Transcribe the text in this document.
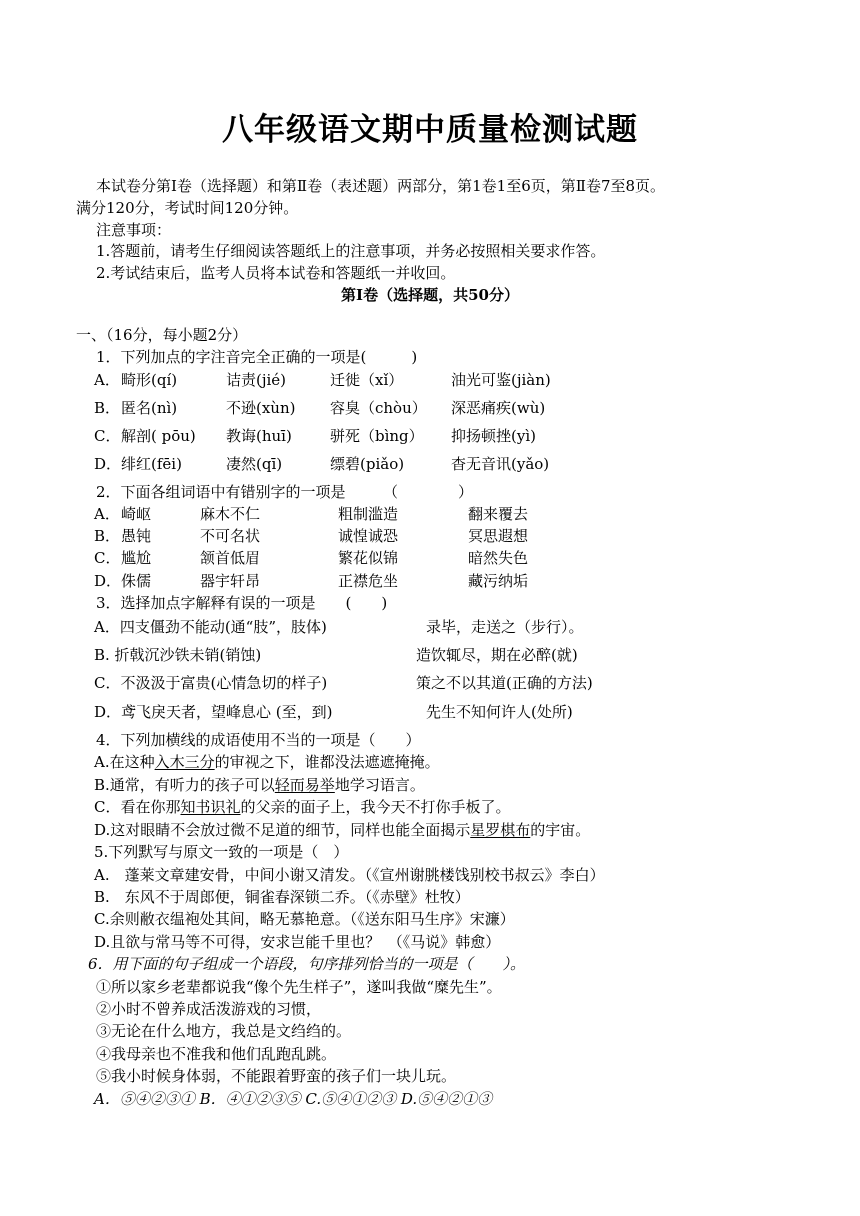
八年级语文期中质量检测试题
本试卷分第Ⅰ卷（选择题）和第Ⅱ卷（表述题）两部分，第1卷1至6页，第Ⅱ卷7至8页。
满分120分，考试时间120分钟。
注意事项：
1.答题前，请考生仔细阅读答题纸上的注意事项，并务必按照相关要求作答。
2.考试结束后，监考人员将本试卷和答题纸一并收回。
第Ⅰ卷（选择题，共50分）
一、（16分，每小题2分）
1．下列加点的字注音完全正确的一项是(　　　)
A． 畸形(qí)	诘责(jié)	迁徙（xǐ）	油光可鉴(jiàn)
B． 匿名(nì)	不逊(xùn) 容臭（chòu） 深恶痛疾(wù)
C． 解剖( pōu) 教诲(huī)	骈死（bìng） 抑扬顿挫(yì)
D． 绯红(fēi)	凄然(qī)	缥碧(piǎo)	杳无音讯(yǎo)
2．下面各组词语中有错别字的一项是　　　（　　　　）
A． 崎岖	麻木不仁	粗制滥造	翻来覆去
B． 愚钝	不可名状	诚惶诚恐	冥思遐想
C． 尴尬	颔首低眉	繁花似锦	暗然失色
D． 侏儒	器宇轩昂	正襟危坐	藏污纳垢
3．选择加点字解释有误的一项是　　(　　)
A．四支僵劲不能动(通“肢”，肢体)	录毕，走送之（步行）。
B. 折戟沉沙铁未销(销蚀)	造饮辄尽，期在必醉(就)
C．不汲汲于富贵(心情急切的样子)	策之不以其道(正确的方法)
D．鸢飞戾天者，望峰息心 (至，到)	先生不知何许人(处所)
4．下列加横线的成语使用不当的一项是（　　）
A.在这种入木三分的审视之下，谁都没法遮遮掩掩。
B.通常，有听力的孩子可以轻而易举地学习语言。
C．看在你那知书识礼的父亲的面子上，我今天不打你手板了。
D.这对眼睛不会放过微不足道的细节，同样也能全面揭示星罗棋布的宇宙。
5.下列默写与原文一致的一项是（　）
A.　蓬莱文章建安骨，中间小谢又清发。（《宣州谢朓楼饯别校书叔云》李白）
B.　东风不于周郎便，铜雀春深锁二乔。（《赤壁》杜牧）
C.余则敝衣缊袍处其间，略无慕艳意。（《送东阳马生序》宋濂）
D.且欲与常马等不可得，安求岂能千里也？　（《马说》韩愈）
6．用下面的句子组成一个语段，句序排列恰当的一项是（　　）。
①所以家乡老辈都说我“像个先生样子”，遂叫我做“糜先生”。
②小时不曾养成活泼游戏的习惯，
③无论在什么地方，我总是文绉绉的。
④我母亲也不准我和他们乱跑乱跳。
⑤我小时候身体弱，不能跟着野蛮的孩子们一块儿玩。
A．⑤④②③① B．④①②③⑤ C.⑤④①②③ D.⑤④②①③
